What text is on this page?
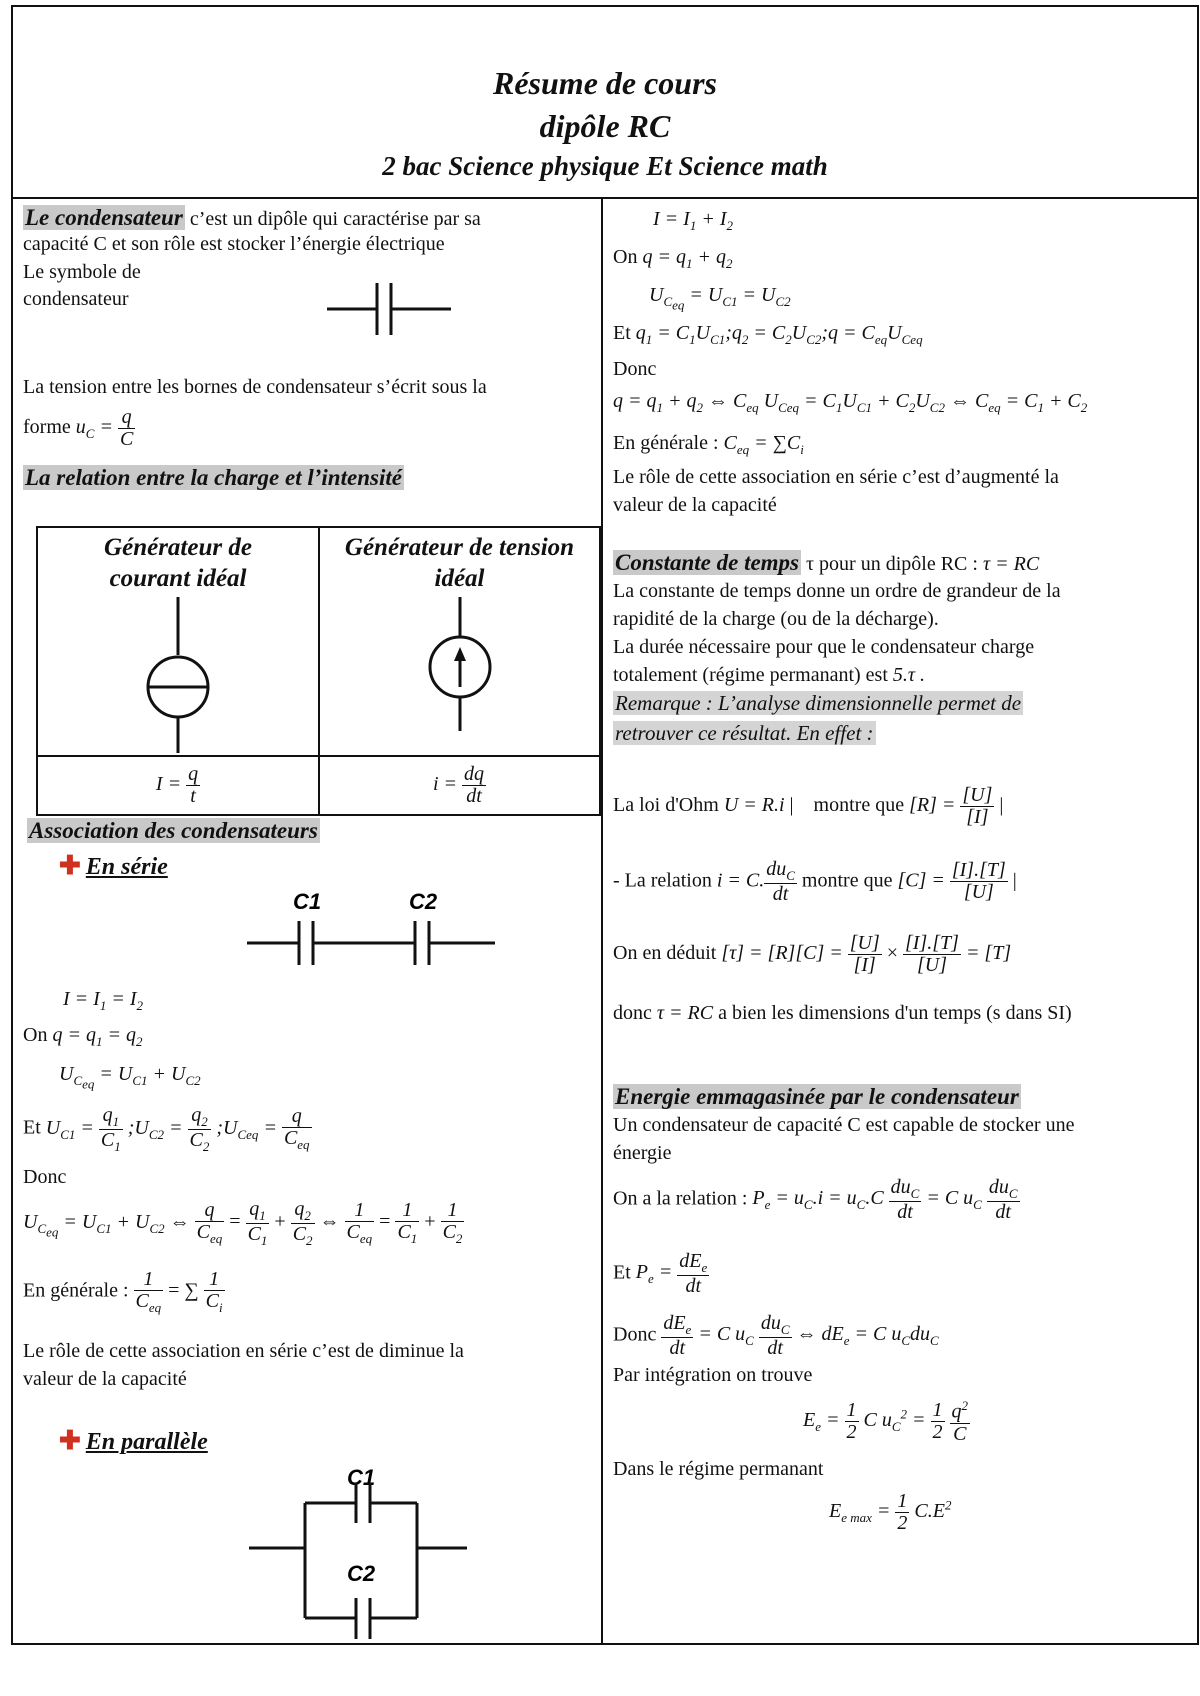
Résume de cours
dipôle RC
2 bac Science physique Et Science math
Le condensateur c’est un dipôle qui caractérise par sa
capacité C et son rôle est stocker l’énergie électrique
Le symbole de
condensateur
La tension entre les bornes de condensateur s’écrit sous la
forme $u_C = \frac{q}{C}$
La relation entre la charge et l’intensité
Générateur de courant idéal	Générateur de tension idéal

$I = \frac{q}{t}$	$i = \frac{dq}{dt}$
Association des condensateurs
✚ En série
C1	C2
$I = I_1 = I_2$
On $q = q_1 = q_2$
$U_{C_{eq}} = U_{C1} + U_{C2}$
Et $U_{C1} = \frac{q_1}{C_1}$ $;U_{C2} = \frac{q_2}{C_2}$ $;U_{Ceq} = \frac{q}{C_{eq}}$
Donc
$U_{C_{eq}} = U_{C1} + U_{C2}$ ⇔ $\frac{q}{C_{eq}} = \frac{q_1}{C_1} + \frac{q_2}{C_2}$ ⇔ $\frac{1}{C_{eq}} = \frac{1}{C_1} + \frac{1}{C_2}$
En générale : $\frac{1}{C_{eq}}$ = ∑ $\frac{1}{C_i}$
Le rôle de cette association en série c’est de diminue la
valeur de la capacité
✚ En parallèle
C1
C2
$I = I_1 + I_2$
On $q = q_1 + q_2$
$U_{C_{eq}} = U_{C1} = U_{C2}$
Et $q_1$ = $C_1U_{C1};q_2$ = $C_2U_{C2};q = C_{eq}U_{Ceq}$
Donc
$q = q_1 + q_2$ ⇔ $C_{eq}$ $U_{Ceq} = C_1U_{C1} + C_2U_{C2}$ ⇔ $C_{eq} = C_1 + C_2$
En générale : $C_{eq} = \sum C_i$
Le rôle de cette association en série c’est d’augmenté la
valeur de la capacité
Constante de temps τ pour un dipôle RC : τ = RC
La constante de temps donne un ordre de grandeur de la
rapidité de la charge (ou de la décharge).
La durée nécessaire pour que le condensateur charge
totalement (régime permanant) est 5.τ .
Remarque : L’analyse dimensionnelle permet de
retrouver ce résultat. En effet :
La loi d'Ohm U = R.i |    montre que $[R] = \frac{[U]}{[I]}$ |
- La relation i = C. $\frac{du_C}{dt}$ montre que $[C] = \frac{[I].[T]}{[U]}$ |
On en déduit $[\tau] = [R][C] = \frac{[U]}{[I]} \times \frac{[I].[T]}{[U]} = [T]$
donc τ = RC a bien les dimensions d'un temps (s dans SI)
Energie emmagasinée par le condensateur
Un condensateur de capacité C est capable de stocker une
énergie
On a la relation : $P_e = u_C.i = u_C.C \frac{du_C}{dt} = C$ $u_C \frac{du_C}{dt}$
Et $P_e = \frac{dE_e}{dt}$
Donc $\frac{dE_e}{dt} = C$ $u_C \frac{du_C}{dt}$ ⇔ $dE_e = C$ $u_Cdu_C$
Par intégration on trouve
$E_e = \frac{1}{2}$ C $u_C^2 = \frac{1}{2}$
$\frac{q^2}{C}$
Dans le régime permanant
$E_{e max} = \frac{1}{2} C.E^2$
